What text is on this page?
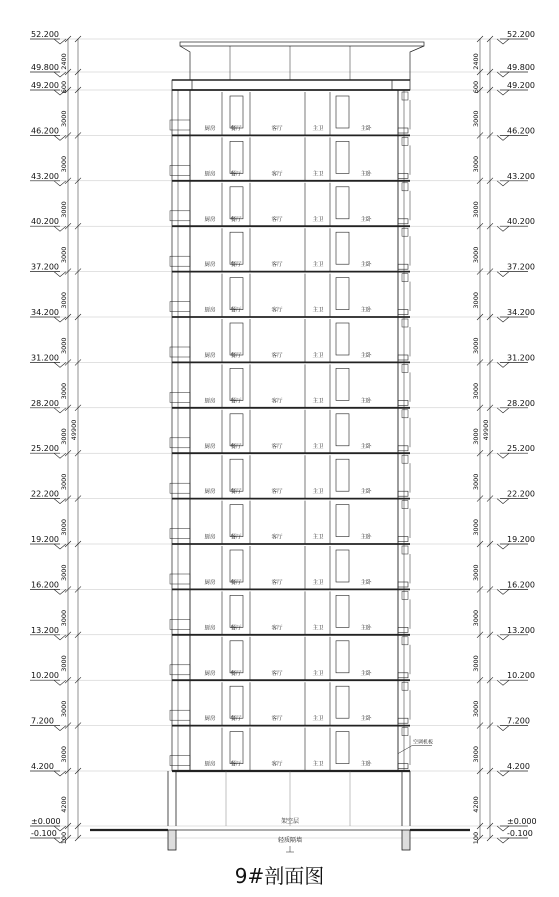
52.200	52.200
49.800	49.800
49.200	49.200
46.200	46.200
43.200	43.200
40.200	40.200
37.200	37.200
34.200	34.200
31.200	31.200
28.200	28.200
25.200	25.200
22.200	22.200
19.200	19.200
16.200	16.200
13.200	13.200
10.200	10.200
7.200	7.200
4.200	4.200
±0.000	±0.000
-0.100	-0.100
2400	2400
600	600
3000	3000
3000	3000
3000	3000
3000	3000
3000	3000
3000	3000
3000	3000
3000	3000
3000	3000
3000	3000
3000	3000
3000	3000
3000	3000
3000	3000
3000	3000
4200	4200
100	100
49900	49900
厨房	餐厅	客厅	主卫	主卧
厨房	餐厅	客厅	主卫	主卧
厨房	餐厅	客厅	主卫	主卧
厨房	餐厅	客厅	主卫	主卧
厨房	餐厅	客厅	主卫	主卧
厨房	餐厅	客厅	主卫	主卧
厨房	餐厅	客厅	主卫	主卧
厨房	餐厅	客厅	主卫	主卧
厨房	餐厅	客厅	主卫	主卧
厨房	餐厅	客厅	主卫	主卧
厨房	餐厅	客厅	主卫	主卧
厨房	餐厅	客厅	主卫	主卧
厨房	餐厅	客厅	主卫	主卧
厨房	餐厅	客厅	主卫	主卧
厨房	餐厅	客厅	主卫	主卧
空调机板
架空层
轻质隔墙
9#剖面图
